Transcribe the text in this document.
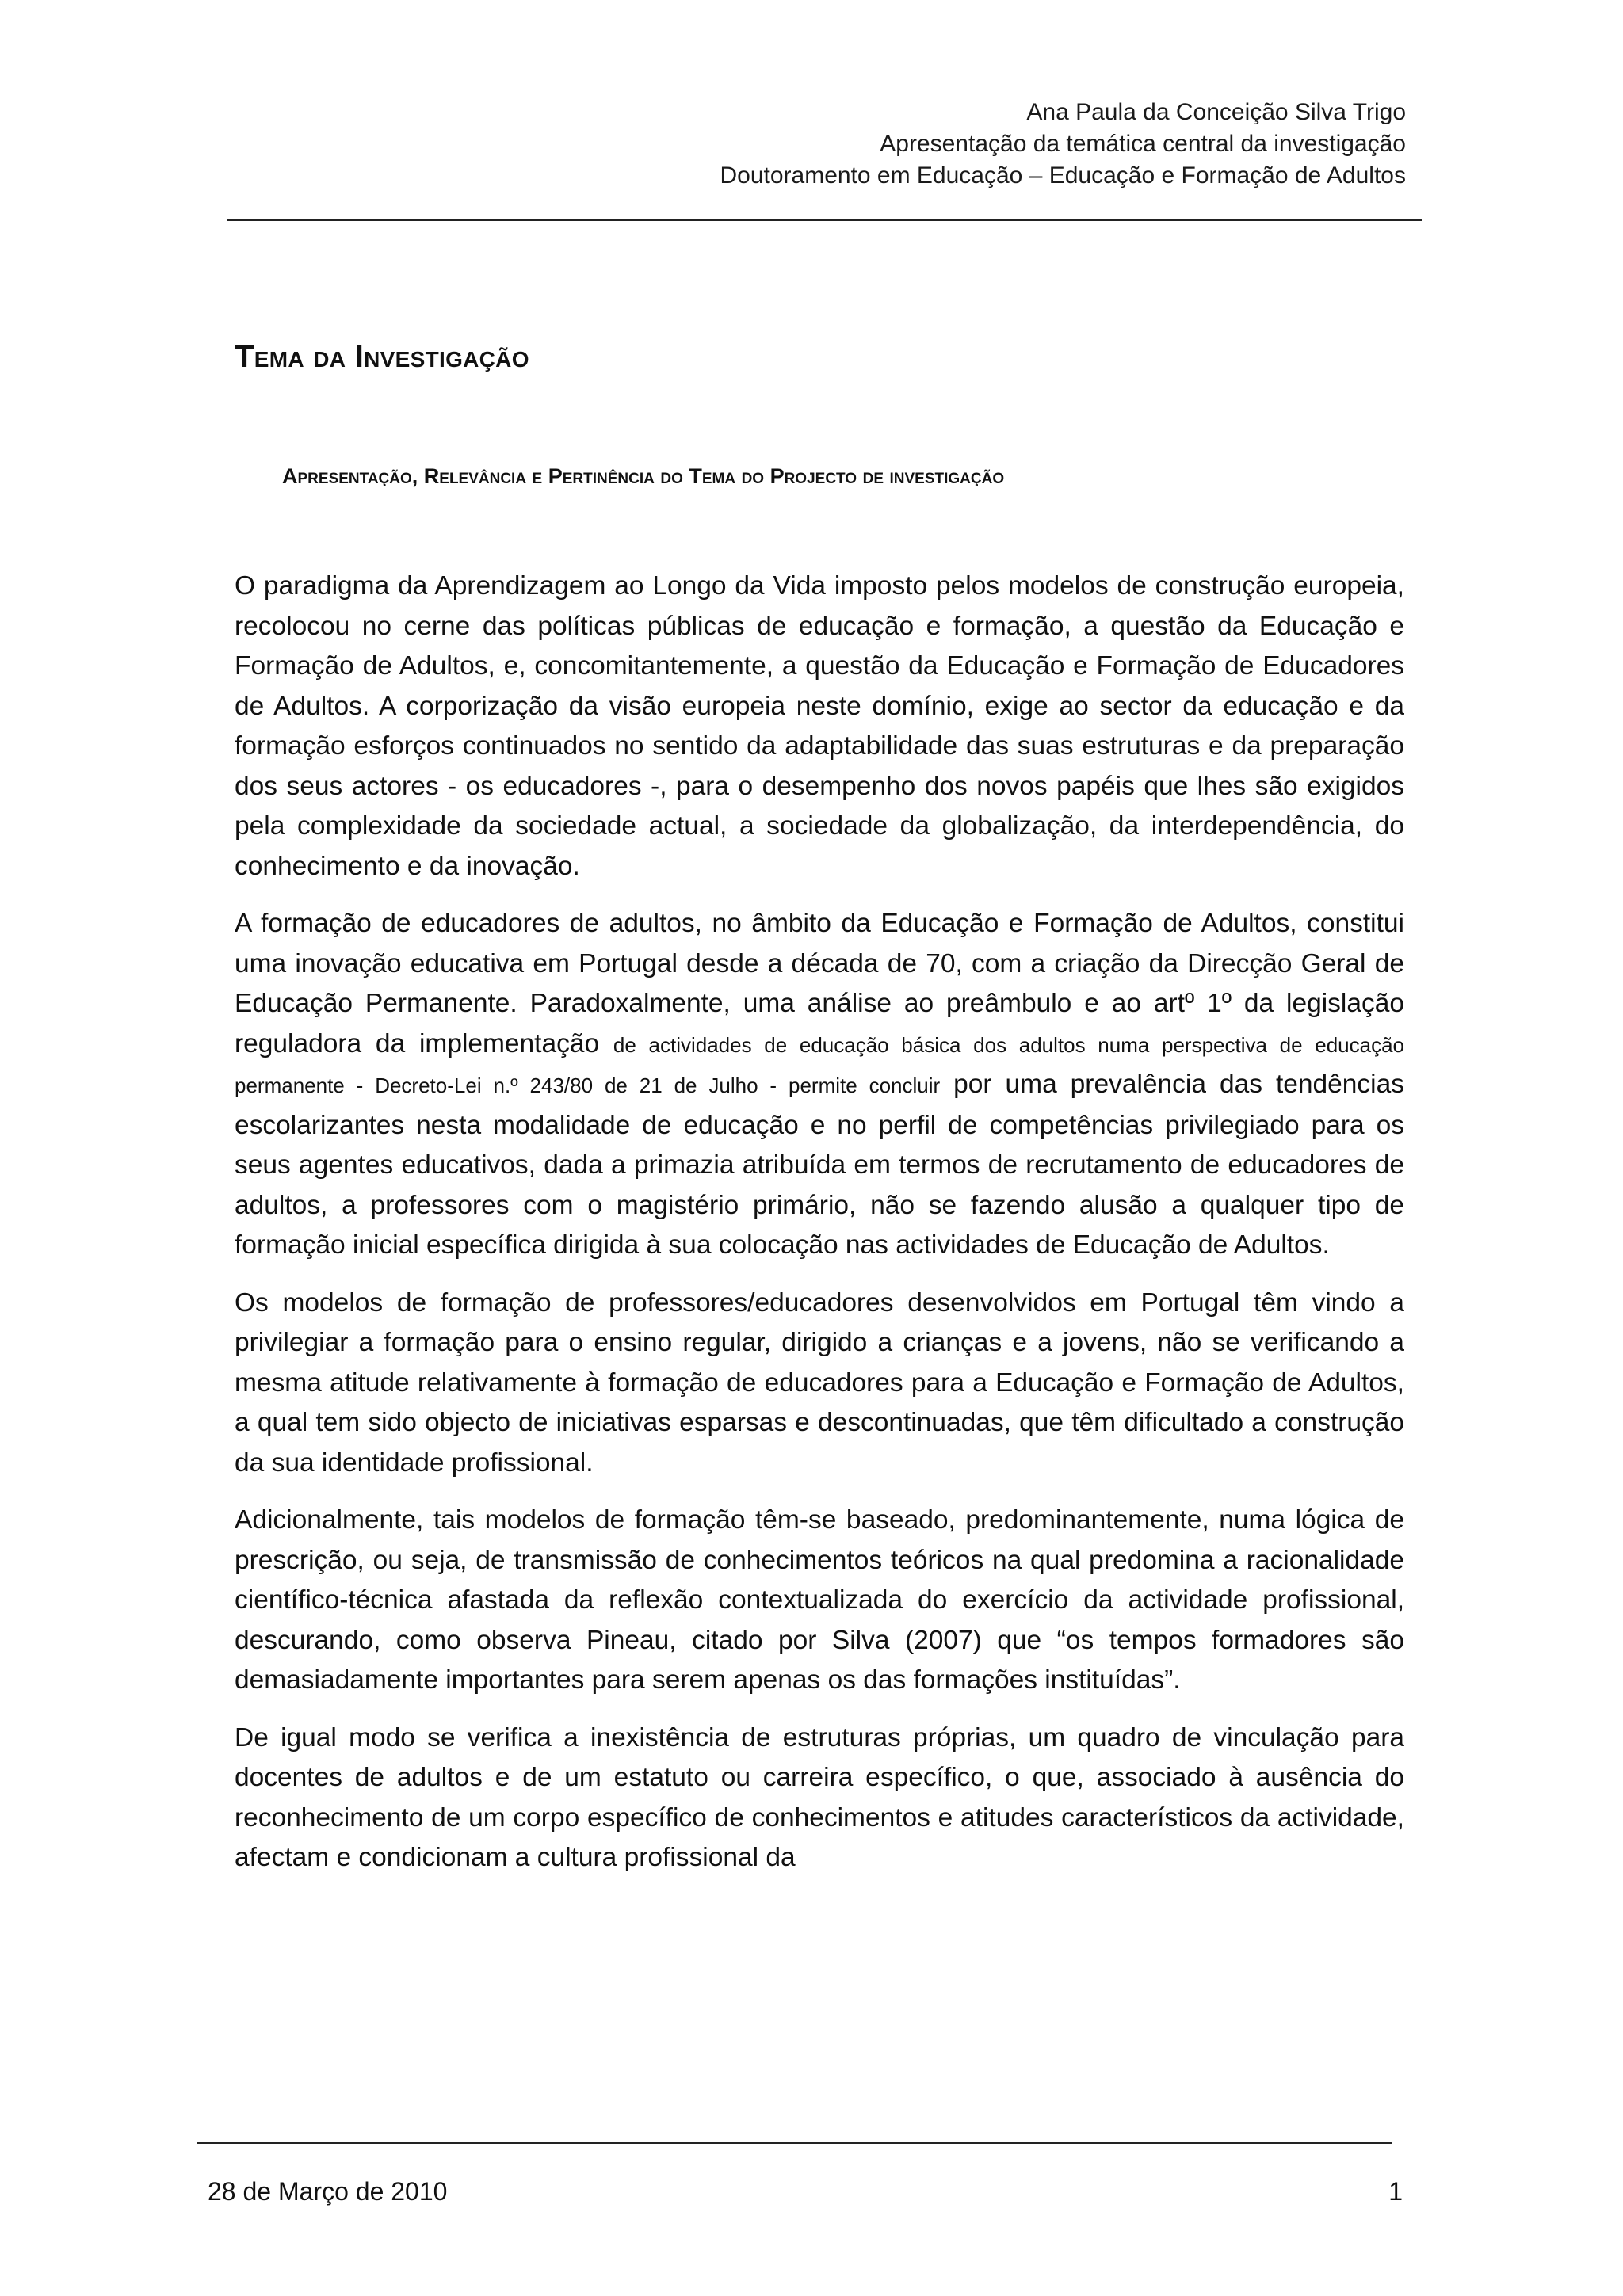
Ana Paula da Conceição Silva Trigo
Apresentação da temática central da investigação
Doutoramento em Educação – Educação e Formação de Adultos
Tema da Investigação
Apresentação, Relevância e Pertinência do Tema do Projecto de investigação

O paradigma da Aprendizagem ao Longo da Vida imposto pelos modelos de construção europeia, recolocou no cerne das políticas públicas de educação e formação, a questão da Educação e Formação de Adultos, e, concomitantemente, a questão da Educação e Formação de Educadores de Adultos. A corporização da visão europeia neste domínio, exige ao sector da educação e da formação esforços continuados no sentido da adaptabilidade das suas estruturas e da preparação dos seus actores - os educadores -, para o desempenho dos novos papéis que lhes são exigidos pela complexidade da sociedade actual, a sociedade da globalização, da interdependência, do conhecimento e da inovação.

A formação de educadores de adultos, no âmbito da Educação e Formação de Adultos, constitui uma inovação educativa em Portugal desde a década de 70, com a criação da Direcção Geral de Educação Permanente. Paradoxalmente, uma análise ao preâmbulo e ao artº 1º da legislação reguladora da implementação de actividades de educação básica dos adultos numa perspectiva de educação permanente - Decreto-Lei n.º 243/80 de 21 de Julho - permite concluir por uma prevalência das tendências escolarizantes nesta modalidade de educação e no perfil de competências privilegiado para os seus agentes educativos, dada a primazia atribuída em termos de recrutamento de educadores de adultos, a professores com o magistério primário, não se fazendo alusão a qualquer tipo de formação inicial específica dirigida à sua colocação nas actividades de Educação de Adultos.

Os modelos de formação de professores/educadores desenvolvidos em Portugal têm vindo a privilegiar a formação para o ensino regular, dirigido a crianças e a jovens, não se verificando a mesma atitude relativamente à formação de educadores para a Educação e Formação de Adultos, a qual tem sido objecto de iniciativas esparsas e descontinuadas, que têm dificultado a construção da sua identidade profissional.

Adicionalmente, tais modelos de formação têm-se baseado, predominantemente, numa lógica de prescrição, ou seja, de transmissão de conhecimentos teóricos na qual predomina a racionalidade científico-técnica afastada da reflexão contextualizada do exercício da actividade profissional, descurando, como observa Pineau, citado por Silva (2007) que “os tempos formadores são demasiadamente importantes para serem apenas os das formações instituídas”.

De igual modo se verifica a inexistência de estruturas próprias, um quadro de vinculação para docentes de adultos e de um estatuto ou carreira específico, o que, associado à ausência do reconhecimento de um corpo específico de conhecimentos e atitudes característicos da actividade, afectam e condicionam a cultura profissional da

28 de Março de 2010	1
